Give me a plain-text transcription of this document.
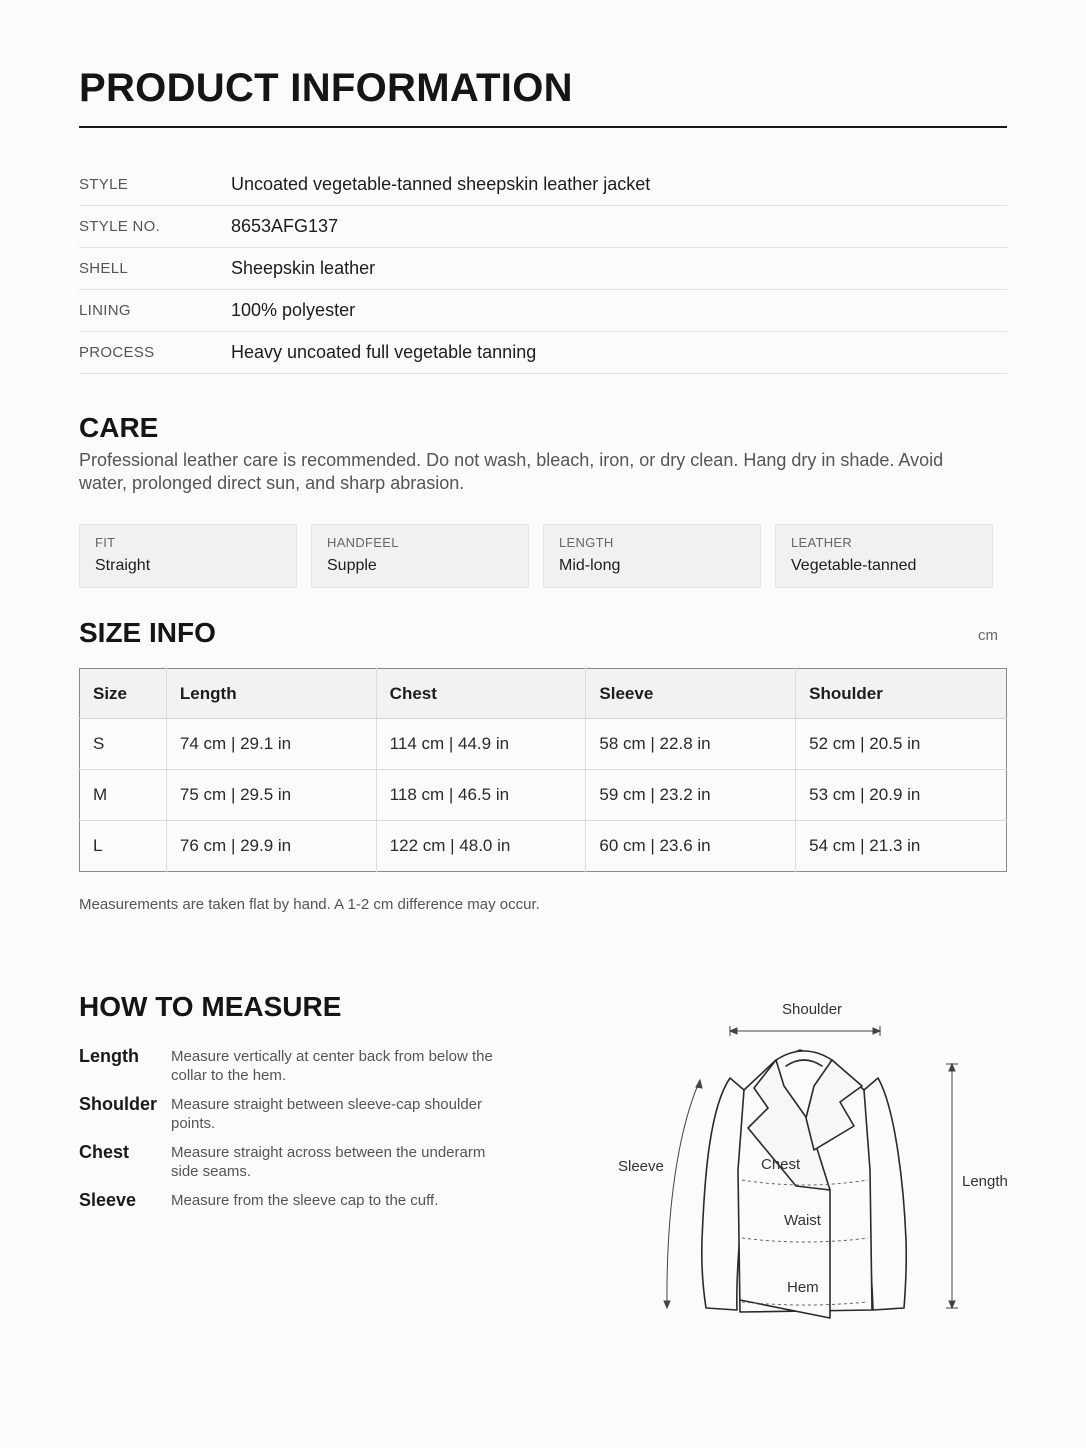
PRODUCT INFORMATION
STYLE	Uncoated vegetable-tanned sheepskin leather jacket
STYLE NO.	8653AFG137
SHELL	Sheepskin leather
LINING	100% polyester
PROCESS	Heavy uncoated full vegetable tanning
CARE
Professional leather care is recommended. Do not wash, bleach, iron, or dry clean. Hang dry in shade. Avoid water, prolonged direct sun, and sharp abrasion.
FIT
Straight
HANDFEEL
Supple
LENGTH
Mid-long
LEATHER
Vegetable-tanned
SIZE INFO	cm
Size	Length	Chest	Sleeve	Shoulder
S	74 cm | 29.1 in	114 cm | 44.9 in	58 cm | 22.8 in	52 cm | 20.5 in
M	75 cm | 29.5 in	118 cm | 46.5 in	59 cm | 23.2 in	53 cm | 20.9 in
L	76 cm | 29.9 in	122 cm | 48.0 in	60 cm | 23.6 in	54 cm | 21.3 in
Measurements are taken flat by hand. A 1-2 cm difference may occur.
HOW TO MEASURE
Length	Measure vertically at center back from below the collar to the hem.
Shoulder Measure straight between sleeve-cap shoulder points.
Chest	Measure straight across between the underarm side seams.
Sleeve	Measure from the sleeve cap to the cuff.
Shoulder
Sleeve
Length
Chest
Waist
Hem
